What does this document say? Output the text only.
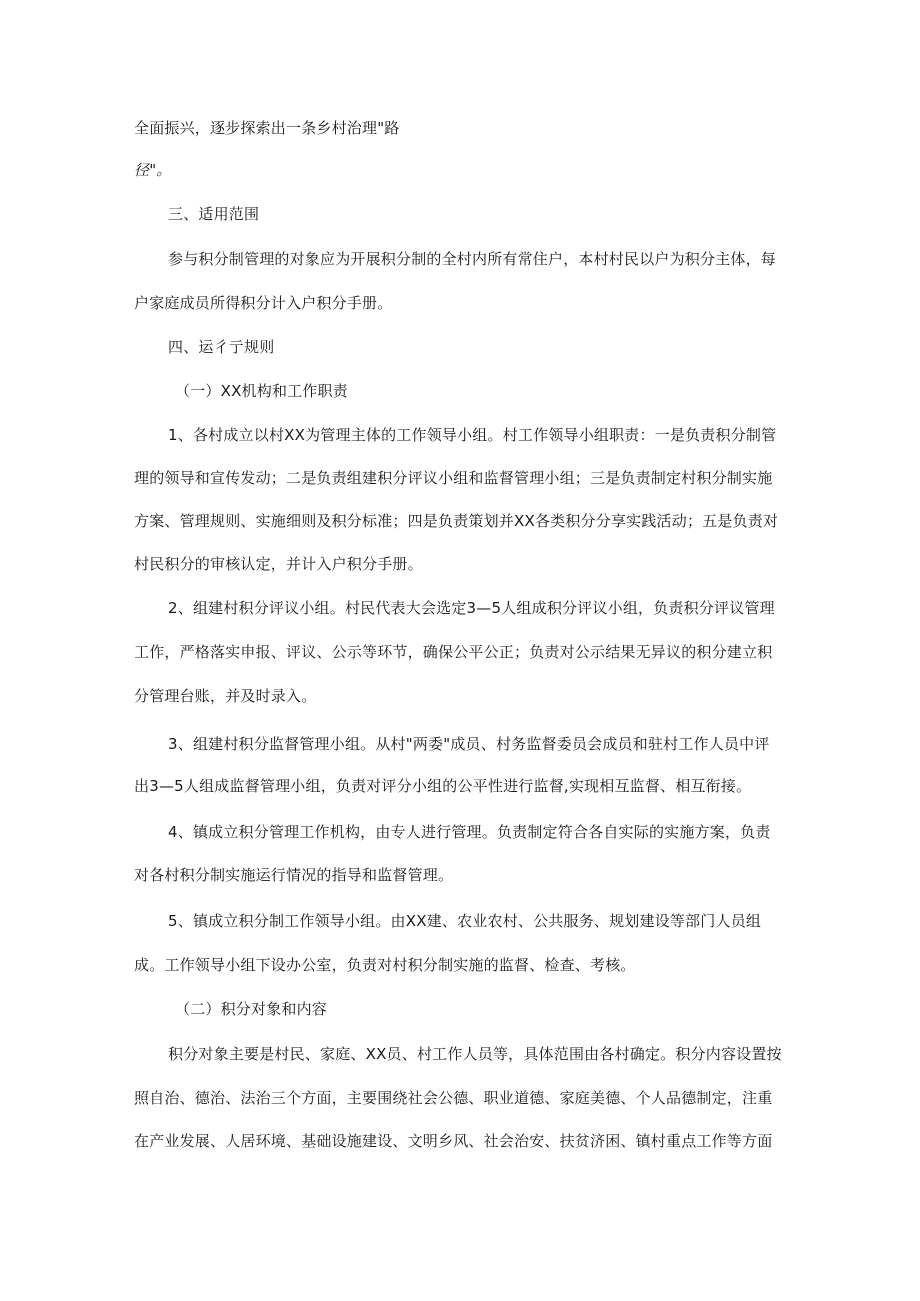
全面振兴，逐步探索出一条乡村治理"路
径"。
三、适用范围
参与积分制管理的对象应为开展积分制的全村内所有常住户，本村村民以户为积分主体，每
户家庭成员所得积分计入户积分手册。
四、运彳亍规则
（一）XX机构和工作职责
1、各村成立以村XX为管理主体的工作领导小组。村工作领导小组职责：一是负责积分制管
理的领导和宣传发动；二是负责组建积分评议小组和监督管理小组；三是负责制定村积分制实施
方案、管理规则、实施细则及积分标准；四是负责策划并XX各类积分分享实践活动；五是负责对
村民积分的审核认定，并计入户积分手册。
2、组建村积分评议小组。村民代表大会选定3—5人组成积分评议小组，负责积分评议管理
工作，严格落实申报、评议、公示等环节，确保公平公正；负责对公示结果无异议的积分建立积
分管理台账，并及时录入。
3、组建村积分监督管理小组。从村"两委"成员、村务监督委员会成员和驻村工作人员中评
出3—5人组成监督管理小组，负责对评分小组的公平性进行监督,实现相互监督、相互衔接。
4、镇成立积分管理工作机构，由专人进行管理。负责制定符合各自实际的实施方案，负责
对各村积分制实施运行情况的指导和监督管理。
5、镇成立积分制工作领导小组。由XX建、农业农村、公共服务、规划建设等部门人员组
成。工作领导小组下设办公室，负责对村积分制实施的监督、检查、考核。
（二）积分对象和内容
积分对象主要是村民、家庭、XX员、村工作人员等，具体范围由各村确定。积分内容设置按
照自治、德治、法治三个方面，主要围绕社会公德、职业道德、家庭美德、个人品德制定，注重
在产业发展、人居环境、基础设施建设、文明乡风、社会治安、扶贫济困、镇村重点工作等方面
